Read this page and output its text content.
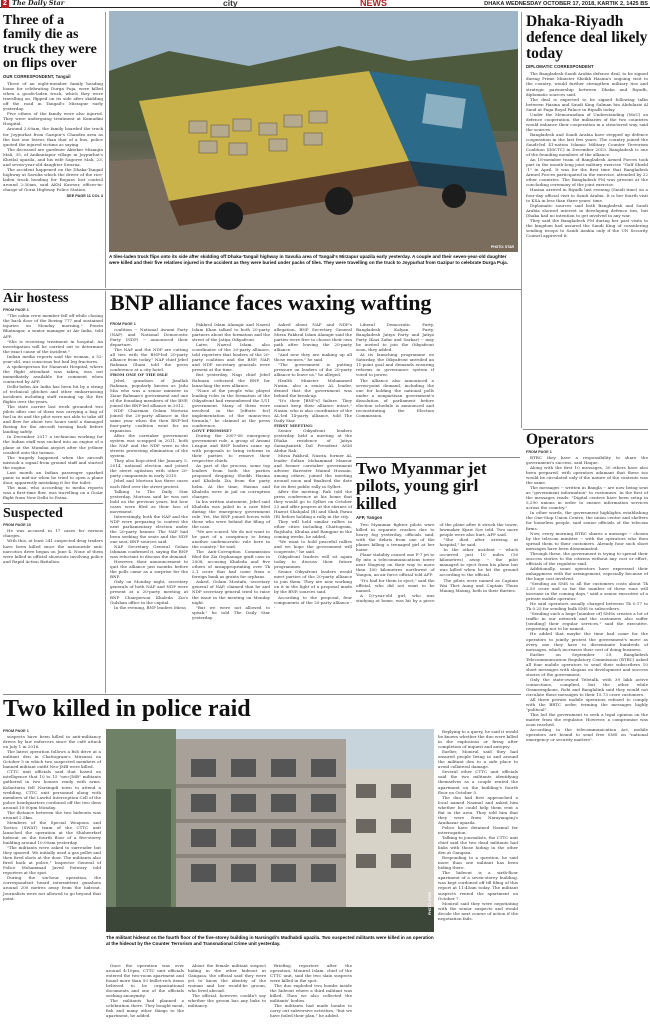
2 The Daily Star	city	NEWS	DHAKA WEDNESDAY OCTOBER 17, 2018, KARTIK 2, 1425 BS
Three of a family die as truck they were on flips over
OUR CORRESPONDENT, Tangail

Three of an eight-member family heading home for celebrating Durga Puja, were killed when a goods-laden truck, which they were travelling on, flipped on its side after skidding off the road in Tangail's Mirzapur early yesterday.

Five others of the family were also injured. They were undergoing treatment at Kumudini Hospital.

Around 2:00am, the family boarded the truck for Joypurhat from Gazipur's Chandra area as the fast one leaves than that of a bus, police quoted the injured victims as saying.

The deceased are gardener Akteker Mizanjin Mali, 35, of Anikantapur village in Joypurhat's Khetlal upazila, and his wife Sagoree Mali, 23, and seven-year-old daughter Swarna.

The accident happened on the Dhaka-Tangail highway at Savulia which the driver of the rice-laden truck heading for Bogura lost control around 2:30am, said AKM Kawser, officer-in-charge of Gorai Highway Police Station.

SEE PAGE 11 COL 3
PHOTO: STAR
A tiles-laden truck flips onto its side after skidding off Dhaka-Tangail highway in Savulia area of Tangail's Mirzapur upazila early yesterday. A couple and their seven-year-old daughter were killed and their five relatives injured in the accident as they were buried under packs of tiles. They were travelling on the truck to Joypurhat from Gazipur to celebrate Durga Puja.
Dhaka-Riyadh defence deal likely today
DIPLOMATIC CORRESPONDENT

The Bangladesh-Saudi Arabia defence deal, to be signed during Prime Minister Sheikh Hasina's ongoing visit to the country, would further strengthen military ties and strategic partnership between Dhaka and Riyadh, diplomatic sources said.

The deal is expected to be signed following talks between Hasina and Saudi King Salman bin Abdulaziz Al Saud at Faga Royal Palace in Riyadh today.

Under the Memorandum of Understanding (MoU) on defence cooperation, the militaries of the two countries would enhance their cooperation in a structured way, said the sources.

Bangladesh and Saudi Arabia have stepped up defence cooperation in the last few years. The country joined the Saudi-led 41-nation Islamic Military Counter Terrorism Coalition (IMCTC) in December 2015. Bangladesh is one of the founding members of the alliance.

An 18-member team of Bangladesh Armed Forces took part in the month-long joint military exercise "Gulf Shield -1" in April. It was for the first time that Bangladesh Armed Forces participated in the exercise, attended by 22 other countries. The Bangladesh PM was present at the concluding ceremony of the joint exercise.

Hasina arrived in Riyadh last evening (Saudi time) on a four-day official visit to Saudi Arabia. It is her fourth visit to KSA in less than three years' time.

Diplomatic sources said both Bangladesh and Saudi Arabia showed interest in developing defence ties, but Dhaka had no intention to get involved in any war.

They said the Bangladesh PM during her past visits to the kingdom had assured the Saudi King of considering sending troops to Saudi Arabia only if the UN Security Council approved it.

Operators
FROM PAGE 1

BTRC they have a responsibility to share the government's success, said Haque.

Along with the first 10 messages, 30 others have also been prepared, with operators adamant that these too would be circulated only if the nature of the contents was the same.

The messages -- written in Bangla -- are now being sent as "government information" to customers. In the first of the messages reads: "Digital centres have been setup in 5,290 unions in order to ensure information services across the country."

In other words, the government highlights establishing the One-Stop Union Centre, the union centre and shelters for homeless people, said senior officials of the telecom firms.

Now, every morning BTRC shares a message -- chosen by the telecom minister -- with the operators who then spread them to their customers. Already four such short messages have been disseminated.

Through these, the government is trying to spread their success stories to the citizens without any cost or effort, officials of the regulator said.

Additionally, some operators have expressed their unhappiness with the arrangement, especially because of the huge cost involved.

"Sending an SMS to all the customers costs about Tk 2.50 crore and so far the number of these runs will increase in the coming days," said a senior executive of a private mobile operator.

He said operators usually charged between Tk 0.17 to Tk 0.25 for sending bulk SMS to subscribers.

"Sending such a huge [number of] SMSs creates a lot of traffic in our network and the customers also suffer [sending] their regular services," said the executive, requesting not to be named.

He added that maybe the time had come for the operators to jointly protest the government's move as every one they have to disseminate hundreds of messages, which increases their cost of doing business.

Earlier on September 29, Bangladesh Telecommunication Regulatory Commission (BTRC) asked all four mobile operators to send their subscribers 10 short messages with slogans on development and success stories of the government.

Only the state-owned Teletalk, with 39 lakh active connections, complied, but the other while Grameenphone, Robi and Banglalink said they would not circulate these messages to their 15.73 crore customers.

All three private mobile operators refused to comply with the BRTC order, terming the messages highly "political".

This led the government to seek a legal opinion on the matter from the regulator. However, a compromise was soon reached.

According to the telecommunication Act, mobile operators are bound to send free SMS on "national emergency or security matters".

Air hostess
FROM PAGE 1

"The cabin crew member fell off while closing the back door of the Boeing 777 and sustained injuries on Monday morning," Pravin Bhatnagar, a senior manager at Air India, told AFP.

"She is receiving treatment in hospital. An investigation will be carried out to determine the exact cause of the incident."

Indian media reports said the woman, a 52-year-old, was conscious but had leg fractures.

A spokesperson for Nanavati Hospital, where the flight attendant was taken, was not immediately available for comment when contacted by AFP.

Delhi-laden Air India has been hit by a string of technical glitches and other embarrassing incidents including staff running up the fire flights over the years.

The state carrier last week grounded two pilots after one of them was carrying a bag of fuel in its and the pilot were not able to take off and flew for about two hours until a damaged Boeing for the aircraft turning back before landing safely.

In December 2017 a technician working for the Indian staff was sucked into an engine of a plane at the Mumbai airport after the jetliner crashed onto the tarmac.

The tragedy happened when the aircraft mistook a signal from ground staff and started the engine.

Last month an Indian passenger sparked panic in mid-air when he tried to open a plane door, apparently mistaking it for the toilet.

The man, who according to media reports was a first-time flier, was travelling on a GoAir flight from New Delhi to Patna.

Suspected
FROM PAGE 10

He was accused in 17 cases for various charges.

With this, at least 241 suspected drug traders have been killed since the nationwide anti-narcotics drive began on June 4. None of them were killed in official shootouts involving police and Rapid Action Battalion.

BNP alliance faces waxing wafting
FROM PAGE 1

coalition -- National Awami Party (NAP) and National Democratic Party (NDP) -- announced their departure.

The NAP and the NDP are cutting all ties with the BNP-led 20-party alliance from today," NAP chief Jebel Rahman Ghani told the press conference at a city hotel.

FROM ONE OF THE ISLE

Jebel, grandson of Jiaullah Rahman, popularly known as Jadu Mia who was a senior minister in Ziaur Rahman's government and one of the founding members of the BNP, joined the BNP-led alliance in 2012.

NDP Chairman Golam Mortoza joined the 20-party alliance in the same year when the then BNP-led four-party coalition went for an expansion.

After the caretaker government system was scrapped in 2011, both the NAP and the NDP were in the streets protesting elimination of the system.

They also boycotted the January 5, 2014, national election and joined the street agitation with other 20-party components in early 2015.

Jebel and Mortoza has three cases each filed over the street protest.

Talking to The Daily Star yesterday, Mortoza said he was not bold on the previous years, but how cases were filed as their loss of movement.

Interestingly, both the NAP and the NDP were preparing to contest the next parliamentary election under the 20-party banner. The NAP had been seeking the seats and the NDP one seat, BNP sources said.

NAP Secretary General Golam Ishmam confirmed it, saying the BNP was reluctant to discuss the demand.

However, their announcement to quit the alliance just months before the polls came as a surprise for the BNP.

Only on Monday night, secretary generals of both NAP and NDP were present at a 20-party meeting at BNP Chairperson Khaleda Zia's Gulshan office in the capital.

In the evening, BNP leaders Mirza

Fakhrul Islam Alamgir and Nazrul Islam Khan talked to both 20-party partners about the formation and the street of the Jatiya Oikyafront.

Later, Nazrul Islam, also coordinator of the 20-party alliance, told reporters that leaders of the 20-party coalition and the BNP, NAP, and NDP secretary generals were present at the time.

But yesterday, Nagi chief Jebel Rahman criticised the BNP for launching the new alliance.

"None of the people who played leading roles in the formation of the Oikyafront had remembered the 1/11 government. Many of them were involved in the [efforts for] implementation of the minus-two formula," he claimed at the press conference.

GOVT PROMISE?

During the 2007-08 emergency government rule, a group of Awami League and BNP leaders came up with proposals to bring reforms in their parties to remove their respective chiefs.

As part of the process, some top leaders from both the parties proposed dropping Sheikh Hasina and Khaleda Zia from the party helm. At the time, Hasina and Khaleda were in jail on corruption charges.

In his written statement, Jebel said Khaleda was jailed in a case filed during the emergency government rule. Yet, the BNP joined forces with those who were behind the filing of the case.

"We are scared. We do not want to be part of a conspiracy to bring another undemocratic rule here in the country." he said.

The Anti-Corruption Commission filed the Zia Orphanage graft case in 2008, accusing Khaleda and five others of misappropriating over Tk 2.1 crore that had come from a foreign bank as grants for orphans.

Asked, Golam Mostafa, secretary general of NAP, claimed that he and NDP secretary general tried to raise the issue in the meeting on Monday night.

"But we were not allowed to speak," he told The Daily Star yesterday.

Asked about NAP and NDP's allegation, BNP Secretary General Mirza Fakhrul Islam Alamgir said the parties were free to choose their own path after leaving the 20-party alliance.

"And now they are making up all those excuses," he said.

"The government is putting pressure on leaders of the 20-party alliance to leave us," he alleged.

Health Minister Mohammed Nasim, also a senior AL leader, denied that the government was behind the break-up.

"It's their [BNP's] failure. They cannot keep their alliance intact," Nasim, who is also coordinator of the AL-led 14-party alliance, told The Daily Star.

FIRST MEETING

Senior Oikyafront leaders yesterday held a meeting at the Dhaka residence of Jatiya Samajtantrik Dal President ASM Abdur Rab.

Mirza Fakhrul, Nasrin, former AL leader Sultan Mohammad Mansur and former caretaker government adviser Barrister Mainul Hossain, among others, joined the meeting around noon and finalised the date for its first public rally in Sylhet.

After the meeting, Rab told the press conference at his home that they would go to Sylhet on October 23 and offer prayers at the shrines of Hazrat Shahjalal (R) and Shah Paran (R) before holding a rally in the city.

They will hold similar rallies in other cities including Chattogram, Rajshahi, Khulna and Rangpur in the coming weeks, he added.

"We want to hold peaceful rallies and we hope the government will cooperate," he said.

Oikyafront leaders will sit again today to discuss their future programmes.

Senior Oikyafront leaders would meet parties of the 20-party alliance to join them. They are now working on it in the light of a proposal made by the BNP, sources said.

According to the proposal, four components of the 20-party alliance --

Liberal Democratic Party, Bangladesh Kalyan Party, Bangladesh Jatiya Party and Jatiya Party (Kazi Zafar and Sarkar) -- may be invited to join the Oikyafront soon, they added.

At its launching programme on Saturday, the Oikyafront unveiled an 11-point goal and demands ensuring reforms in governance system if voted to power.

The alliance also announced a seven-point demand, including the one for holding the national polls under a nonpartisan government's dissolution of parliament before election schedule is announced and reconstituting the Election Commission.

Two Myanmar jet pilots, young girl killed
AFP, Yangon

Two Myanmar fighter pilots were killed in separate crashes due to heavy fog yesterday, officials said, with the debris from one of the planes killing a teenaged girl at her home.

Plane stability caused one F-7 jet to fly into a telecommunications tower near Magway on their way to more than 100 kilometres northwest of Yangon, an air force official told AFP.

"It's bad for them to eject," said the official, who did not want to be named.

A 10-year-old girl, who was studying at home, was hit by a piece of the plane after it struck the tower, lawmaker Kyaw Soe told. Two more people were also hurt, AFP said.

"She died after arriving at hospital," he said.

In the other incident -- which occurred just 10 miles (16 kilometres) away -- the pilot managed to eject from his plane but was killed when he hit the ground according to the official.

The pilots were named as Captain Wai Thet Aung and Captain Thura Maung Maung, both in their thirties.

Two killed in police raid
FROM PAGE 1

suspects have been killed in anti-militancy drives by law enforcers since the café attack on July 1 in 2016.

The latest operation follows a fish drive at a militant den in Chattogram's Mirsarai on October 5 in which two suspected members of banned militant outfit Neo-JMB were killed.

CTTC unit officials said that based on intelligence that 10 to 15 "neo-JMB" militants gathered in two houses ready with arms. Kolonturin fell Narsingdi town to attend a wedding. CTTC unit personnel along with members of the Lawful Interception Cell of the police headquarters cordoned off the two dens around 10:00pm Monday.

The distance between the two hideouts was around 2.5km.

Members of the Special Weapons and Tactics (SWAT) team of the CTTC unit launched the operation at the Shaheerfarf hideout on the fourth floor of a five-storey building around 10:00am yesterday.

"The militants were asked to surrender but they ignored. We initially used a gas pellet and then fired shots at the door. The militants also fired back at police," Inspector General of Police Mohammad Javed Patwary told reporters at the spot.

During the six-hour operation, the correspondent heard intermittent gunshots around 200 metres away from the hideout. Journalists were not allowed to go beyond that point.	PHOTO: STAR
The militant hideout on the fourth floor of the five-storey building in Narsingdi's Madhabdi upazila. Two suspected militants were killed in an operation at the hideout by the Counter Terrorism and Transnational Crime unit yesterday.

Once the operation was over around 4:10pm, CTTC unit officials entered the two-room apartment and found more than 50 bullet-rich items believed to be organisational documents and one of the officials seeking anonymity.

The militants had planned a celebration there. They bought meat, fish and many other things to the apartment, he added.

About the female militant suspect hiding in the other hideout at Gangasa, the official said they were yet to know the identity of the woman and her would-be groom, who lived abroad.

The official, however, couldn't say whether the groom has any links to militancy.

Briefing reporters after the operation, Monirul Islam, chief of the CTTC unit, said the two slain suspects were killed in the spot.

The duo exploded two bombs inside the hideout where a third militant was killed. Then we also collected the militants' bodies.

The militants had made bombs to carry out subversive activities, "but we have foiled their plan," he added.

Replying to a query, he said it would be known whether the duo were killed in the explosions or firing after completion of inquest and autopsy.

Earlier, Monirul said they had ensured people living in and around the militant den to a safe place to avoid collateral damage.

Several other CTTC unit officials said the two militants identifying themselves as a couple rented the apartment on the building's fourth floor on October 5.

The duo had first approached a local named Nazmul and asked him whether he could help them rent a flat in the area. They told him that they were from Narayanganj's Araihazar upazila.

Police have detained Nazmul for interrogation.

Talking to journalists, the CTTC unit chief said the two dead militants had links with those hiding in the other den at Gangasa.

Responding to a question, he said more than one militant has been hiding there.

The hideout is a sixth-floor apartment of a seven-storey building, was kept cordoned off till filing of this report at 11:45am today. The militant suspects rented the apartment on October 7.

Monirul said they were negotiating with the senior suspects and would decide the next course of action if the negotiation fails.
